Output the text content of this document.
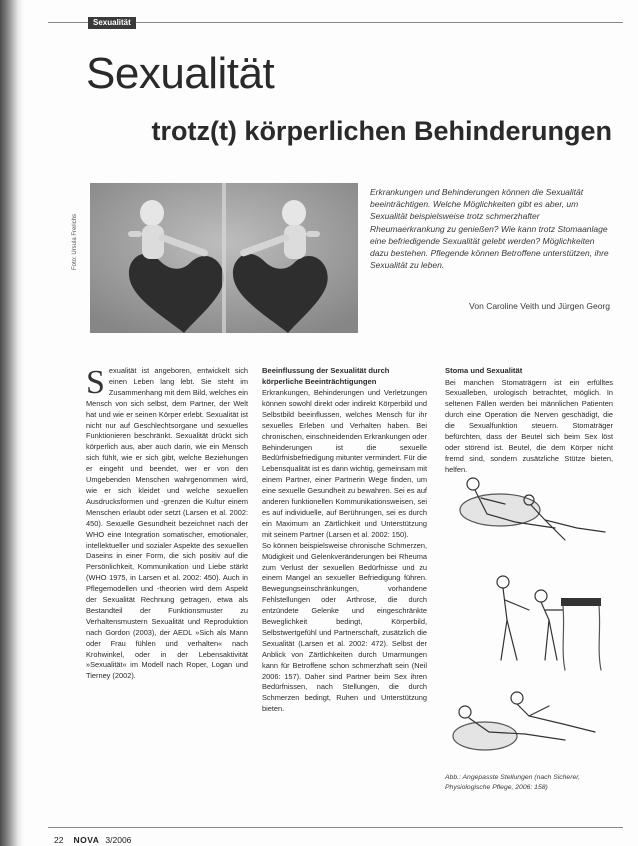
Sexualität
Sexualität
trotz(t) körperlichen Behinderungen
Foto: Ursula Frerichs

Erkrankungen und Behinderungen können die Sexualität beeinträchtigen. Welche Möglichkeiten gibt es aber, um Sexualität beispielsweise trotz schmerzhafter Rheumaerkrankung zu genießen? Wie kann trotz Stomaanlage eine befriedigende Sexualität gelebt werden? Möglichkeiten dazu bestehen. Pflegende können Betroffene unterstützen, ihre Sexualität zu leben.

Von Caroline Veith und Jürgen Georg

S exualität ist angeboren, entwickelt sich einen Leben lang lebt. Sie steht im Zusammenhang mit dem Bild, welches ein Mensch von sich selbst, dem Partner, der Welt hat und wie er seinen Körper erlebt. Sexualität ist nicht nur auf Geschlechtsorgane und sexuelles Funktionieren beschränkt. Sexualität drückt sich körperlich aus, aber auch darin, wie ein Mensch sich fühlt, wie er sich gibt, welche Beziehungen er eingeht und beendet, wer er von den Umgebenden Menschen wahrgenommen wird, wie er sich kleidet und welche sexuellen Ausdrucksformen und -grenzen die Kultur einem Menschen erlaubt oder setzt (Larsen et al. 2002: 450). Sexuelle Gesundheit bezeichnet nach der WHO eine Integration somatischer, emotionaler, intellektueller und sozialer Aspekte des sexuellen Daseins in einer Form, die sich positiv auf die Persönlichkeit, Kommunikation und Liebe stärkt (WHO 1975, in Larsen et al. 2002: 450). Auch in Pflegemodellen und -theorien wird dem Aspekt der Sexualität Rechnung getragen, etwa als Bestandteil der Funktionsmuster zu Verhaltensmustern Sexualität und Reproduktion nach Gordon (2003), der AEDL »Sich als Mann oder Frau fühlen und verhalten« nach Krohwinkel, oder in der Lebensaktivität »Sexualität« im Modell nach Roper, Logan und Tierney (2002).

Beeinflussung der Sexualität durch körperliche Beeinträchtigungen

Erkrankungen, Behinderungen und Verletzungen können sowohl direkt oder indirekt Körperbild und Selbstbild beeinflussen, welches Mensch für ihr sexuelles Erleben und Verhalten haben. Bei chronischen, einschneidenden Erkrankungen oder Behinderungen ist die sexuelle Bedürfnisbefriedigung mitunter vermindert. Für die Lebensqualität ist es dann wichtig, gemeinsam mit einem Partner, einer Partnerin Wege finden, um eine sexuelle Gesundheit zu bewahren. Sei es auf anderen funktionellen Kommunikationsweisen, sei es auf individuelle, auf Berührungen, sei es durch ein Maximum an Zärtlichkeit und Unterstützung mit seinem Partner (Larsen et al. 2002: 150).

So können beispielsweise chronische Schmerzen, Müdigkeit und Gelenkveränderungen bei Rheuma zum Verlust der sexuellen Bedürfnisse und zu einem Mangel an sexueller Befriedigung führen. Bewegungseinschränkungen, vorhandene Fehlstellungen oder Arthrose, die durch entzündete Gelenke und eingeschränkte Beweglichkeit bedingt, Körperbild, Selbstwertgefühl und Partnerschaft, zusätzlich die Sexualität (Larsen et al. 2002: 472). Selbst der Anblick von Zärtlichkeiten durch Umarmungen kann für Betroffene schon schmerzhaft sein (Neil 2006: 157). Daher sind Partner beim Sex ihren Bedürfnissen, nach Stellungen, die durch Schmerzen bedingt, Ruhen und Unterstützung bieten.

Stoma und Sexualität

Bei manchen Stomaträgern ist ein erfülltes Sexualleben, urologisch betrachtet, möglich. In seltenen Fällen werden bei männlichen Patienten durch eine Operation die Nerven geschädigt, die die Sexualfunktion steuern. Stomaträger befürchten, dass der Beutel sich beim Sex löst oder störend ist. Beutel, die dem Körper nicht fremd sind, sondern zusätzliche Stütze bieten, helfen.

Abb.: Angepasste Stellungen (nach Sicherer, Physiologische Pflege, 2006: 158)

22 NOVA 3/2006
